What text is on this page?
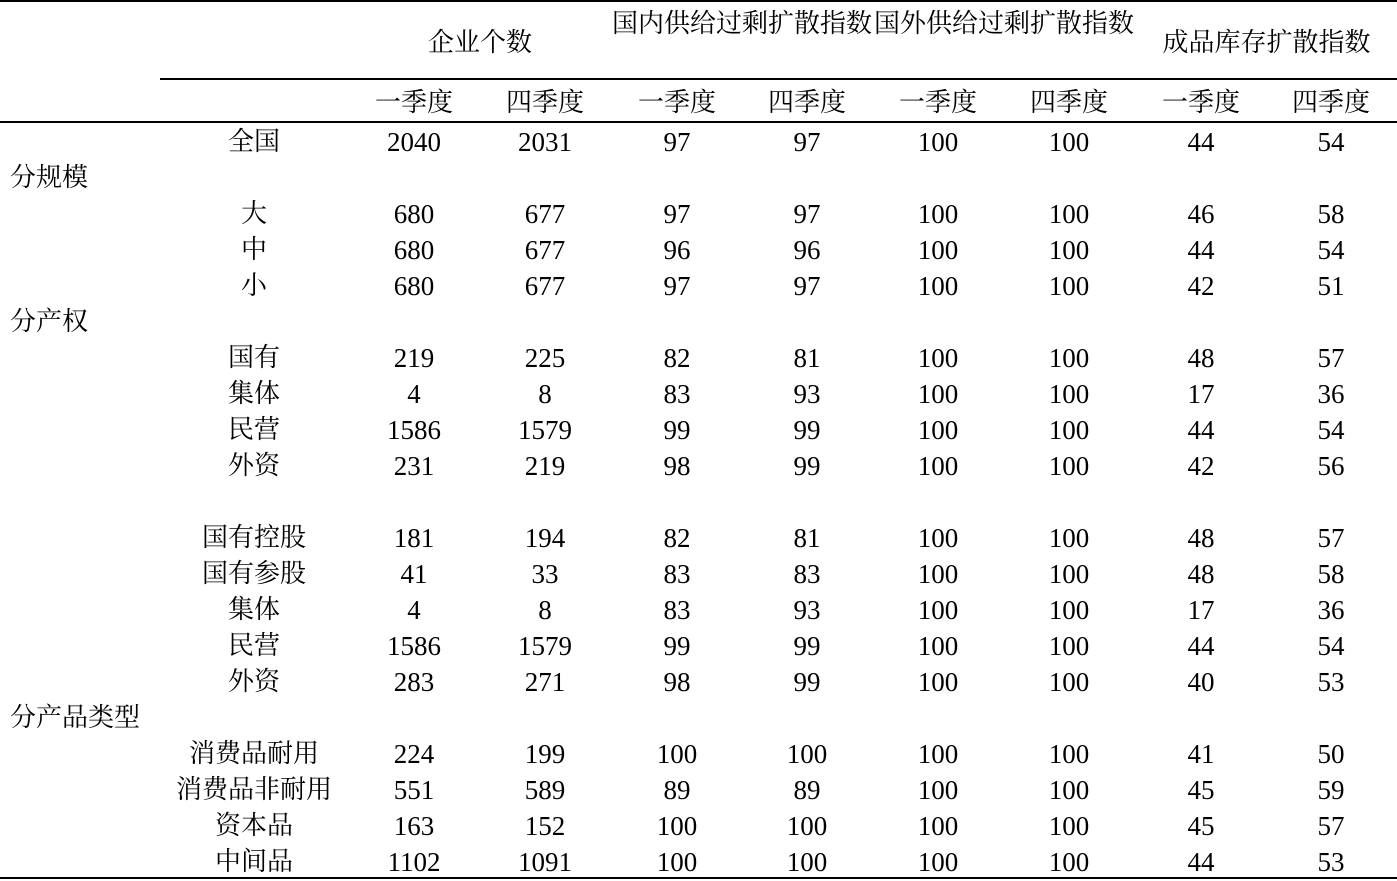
企业个数
国内供给过剩扩散指数 国外供给过剩扩散指数
成品库存扩散指数
一季度	四季度	一季度	四季度	一季度	四季度	一季度	四季度
全国	2040	2031	97	97	100	100	44	54
分规模
大	680	677	97	97	100	100	46	58
中	680	677	96	96	100	100	44	54
小	680	677	97	97	100	100	42	51
分产权
国有	219	225	82	81	100	100	48	57
集体	4	8	83	93	100	100	17	36
民营	1586	1579	99	99	100	100	44	54
外资	231	219	98	99	100	100	42	56
国有控股	181	194	82	81	100	100	48	57
国有参股	41	33	83	83	100	100	48	58
集体	4	8	83	93	100	100	17	36
民营	1586	1579	99	99	100	100	44	54
外资	283	271	98	99	100	100	40	53
分产品类型
消费品耐用	224	199	100	100	100	100	41	50
消费品非耐用	551	589	89	89	100	100	45	59
资本品	163	152	100	100	100	100	45	57
中间品	1102	1091	100	100	100	100	44	53
